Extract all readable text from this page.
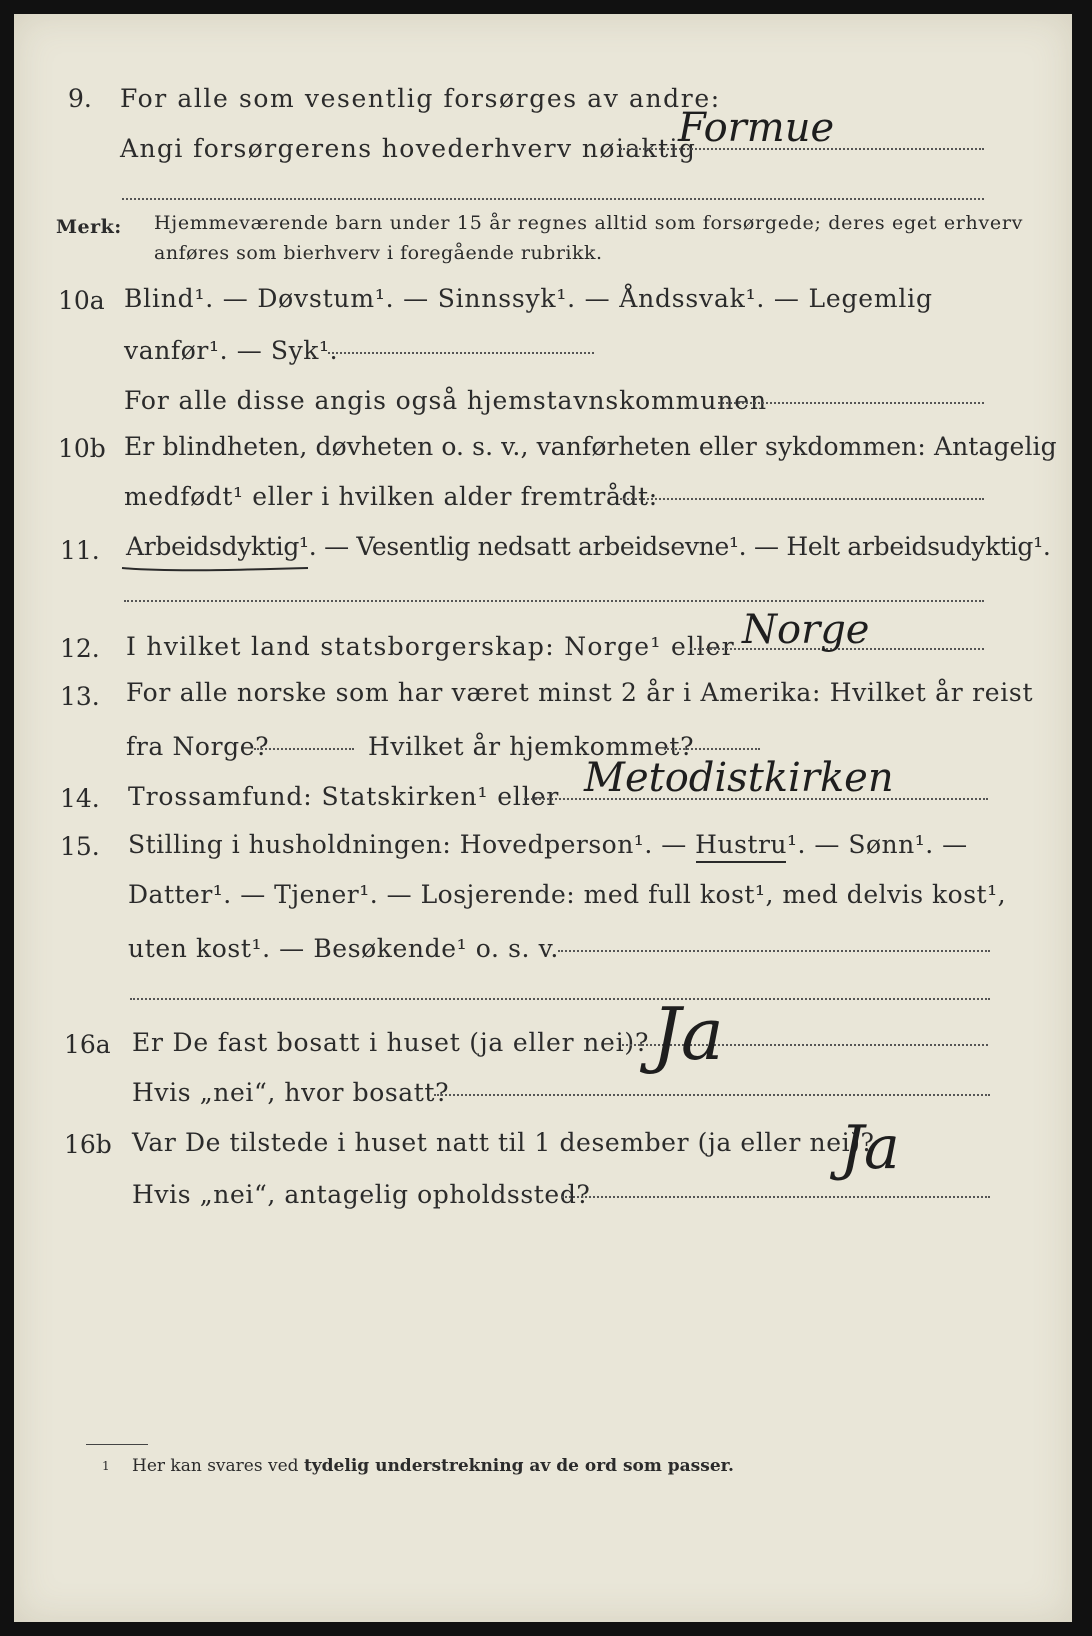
9. For alle som vesentlig forsørges av andre:
Angi forsørgerens hovederhverv nøiaktig
Formue
Merk: Hjemmeværende barn under 15 år regnes alltid som forsørgede; deres eget erhverv
anføres som bierhverv i foregående rubrikk.
10a Blind¹. — Døvstum¹. — Sinnssyk¹. — Åndssvak¹. — Legemlig
vanfør¹. — Syk¹.
For alle disse angis også hjemstavnskommunen
10b Er blindheten, døvheten o. s. v., vanførheten eller sykdommen: Antagelig
medfødt¹ eller i hvilken alder fremtrådt:
11. Arbeidsdyktig¹. — Vesentlig nedsatt arbeidsevne¹. — Helt arbeidsudyktig¹.
12. I hvilket land statsborgerskap: Norge¹ eller Norge
13. For alle norske som har været minst 2 år i Amerika: Hvilket år reist
fra Norge?	Hvilket år hjemkommet?
14. Trossamfund: Statskirken¹ eller Metodistkirken
15. Stilling i husholdningen: Hovedperson¹. — Hustru¹. — Sønn¹. —
Datter¹. — Tjener¹. — Losjerende: med full kost¹, med delvis kost¹,
uten kost¹. — Besøkende¹ o. s. v.
16a Er De fast bosatt i huset (ja eller nei)? Ja
Hvis „nei“, hvor bosatt?
16b Var De tilstede i huset natt til 1 desember (ja eller nei)?
Ja
Hvis „nei“, antagelig opholdssted?
1 Her kan svares ved tydelig understrekning av de ord som passer.
